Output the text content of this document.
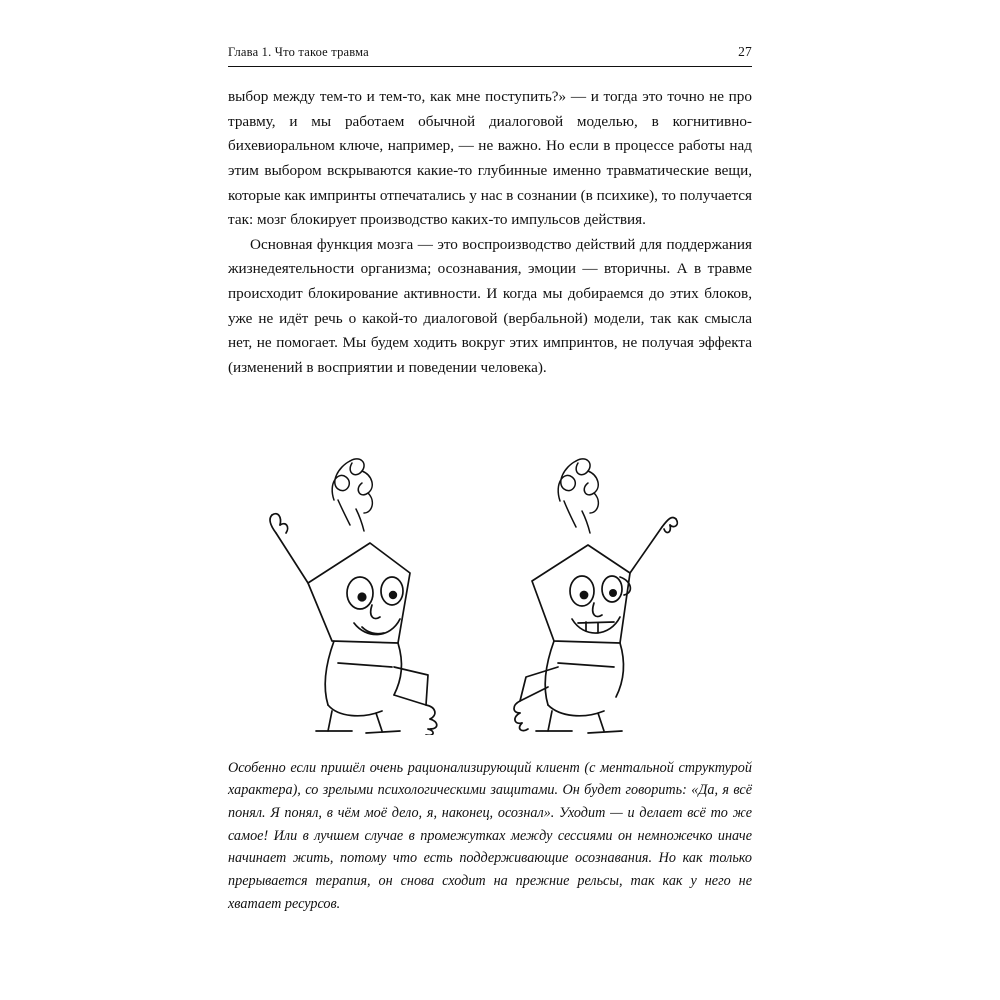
Глава 1. Что такое травма	27

выбор между тем-то и тем-то, как мне поступить?» — и тогда это точно не про травму, и мы работаем обычной диалоговой моделью, в когнитивно-бихевиоральном ключе, например, — не важно. Но если в процессе работы над этим выбором вскрываются какие-то глубинные именно травматические вещи, которые как импринты отпечатались у нас в сознании (в психике), то получается так: мозг блокирует производство каких-то импульсов действия.

Основная функция мозга — это воспроизводство действий для поддержания жизнедеятельности организма; осознавания, эмоции — вторичны. А в травме происходит блокирование активности. И когда мы добираемся до этих блоков, уже не идёт речь о какой-то диалоговой (вербальной) модели, так как смысла нет, не помогает. Мы будем ходить вокруг этих импринтов, не получая эффекта (изменений в восприятии и поведении человека).

Особенно если пришёл очень рационализирующий клиент (с ментальной структурой характера), со зрелыми психологическими защитами. Он будет говорить: «Да, я всё понял. Я понял, в чём моё дело, я, наконец, осознал». Уходит — и делает всё то же самое! Или в лучшем случае в промежутках между сессиями он немножечко иначе начинает жить, потому что есть поддерживающие осознавания. Но как только прерывается терапия, он снова сходит на прежние рельсы, так как у него не хватает ресурсов.
